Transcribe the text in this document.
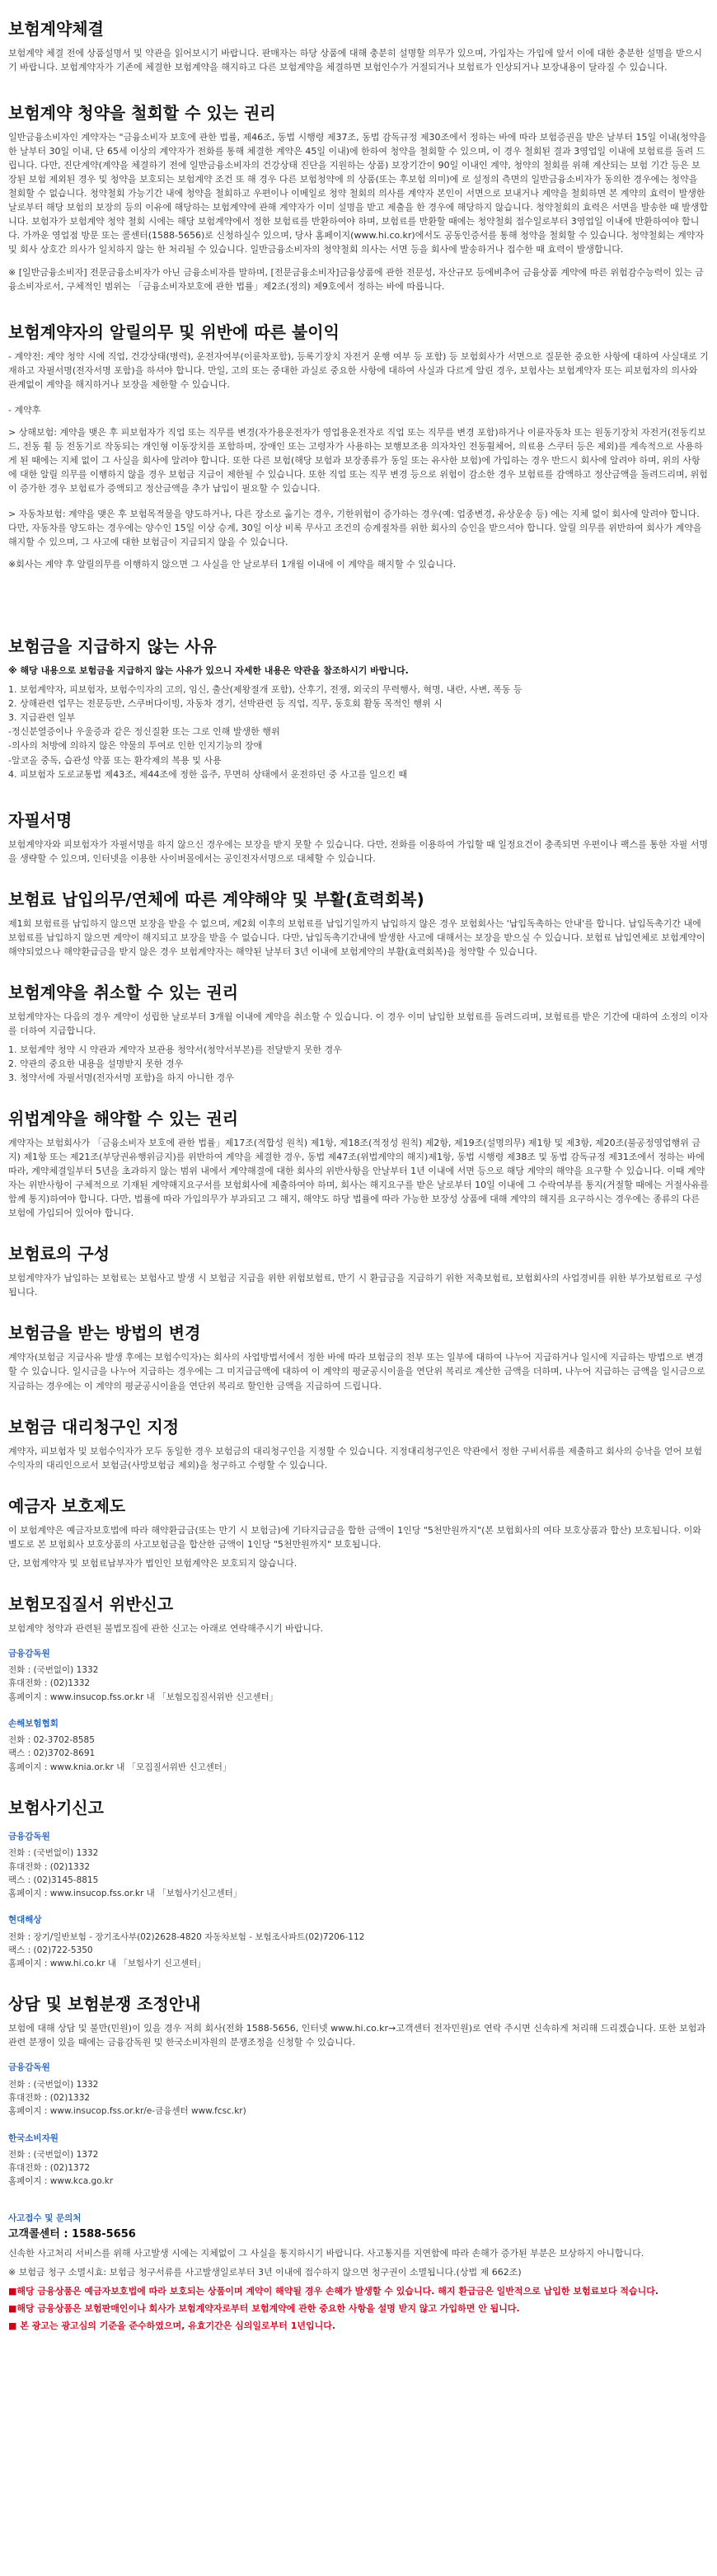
보험계약체결

보험계약 체결 전에 상품설명서 및 약관을 읽어보시기 바랍니다. 판매자는 하당 상품에 대해 충분히 설명할 의무가 있으며, 가입자는 가입에 앞서 이에 대한 충분한 설명을 받으시기 바랍니다. 보험계약자가 기존에 체결한 보험계약을 해지하고 다른 보험계약을 체결하면 보험인수가 거절되거나 보험료가 인상되거나 보장내용이 달라질 수 있습니다.

보험계약 청약을 철회할 수 있는 권리

일반금융소비자인 계약자는 "금융소비자 보호에 관한 법률, 제46조, 동법 시행령 제37조, 동법 감독규정 제30조에서 정하는 바에 따라 보험증권을 받은 날부터 15일 이내(청약을 한 날부터 30일 이내, 단 65세 이상의 계약자가 전화를 통해 체결한 계약은 45일 이내)에 한하여 청약을 철회할 수 있으며, 이 경우 철회된 결과 3영업일 이내에 보험료를 돌려 드립니다. 다만, 진단계약(계약을 체결하기 전에 일반금융소비자의 건강상태 진단을 지원하는 상품) 보장기간이 90일 이내인 계약, 청약의 철회를 위해 계산되는 보험 기간 등은 보장된 보험 제외된 경우 및 청약을 보호되는 보험계약 조건 또 해 경우 다른 보험청약에 의 상품(또는 후보험 의미)에 로 설정의 측면의 일반금융소비자가 동의한 경우에는 청약을 철회할 수 없습니다. 청약철회 가능기간 내에 청약을 철회하고 우편이나 이메일로 청약 철회의 의사를 계약자 본인이 서면으로 보내거나 계약을 철회하면 본 계약의 효력이 발생한 날로부터 해당 보험의 보장의 등의 이유에 해당하는 보험계약에 관해 계약자가 이미 설명을 받고 제출을 한 경우에 해당하지 않습니다. 청약철회의 효력은 서면을 발송한 때 발생합니다. 보험자가 보험계약 청약 철회 시에는 해당 보험계약에서 정한 보험료를 반환하여야 하며, 보험료를 반환할 때에는 청약철회 접수일로부터 3영업일 이내에 반환하여야 합니다. 가까운 영업점 방문 또는 콜센터(1588-5656)로 신청하실수 있으며, 당사 홈페이지(www.hi.co.kr)에서도 공동인증서를 통해 청약을 철회할 수 있습니다. 청약철회는 계약자 및 회사 상호간 의사가 일치하지 않는 한 처리될 수 있습니다. 일반금융소비자의 청약철회 의사는 서면 등을 회사에 발송하거나 접수한 때 효력이 발생합니다.

※ [일반금융소비자] 전문금융소비자가 아닌 금융소비자를 말하며, [전문금융소비자]금융상품에 관한 전문성, 자산규모 등에비추어 금융상품 계약에 따른 위험감수능력이 있는 금융소비자로서, 구체적인 범위는 「금융소비자보호에 관한 법률」제2조(정의) 제9호에서 정하는 바에 따릅니다.

보험계약자의 알릴의무 및 위반에 따른 불이익

- 계약전: 계약 청약 시에 직업, 건강상태(병력), 운전자여부(이륜차포함), 등록기장치 자전거 운행 여부 등 포함) 등 보험회사가 서면으로 질문한 중요한 사항에 대하여 사실대로 기재하고 자필서명(전자서명 포함)을 하셔야 합니다. 만일, 고의 또는 중대한 과실로 중요한 사항에 대하여 사실과 다르게 알린 경우, 보험사는 보험계약자 또는 피보험자의 의사와 관계없이 계약을 해지하거나 보장을 제한할 수 있습니다.

- 계약후

> 상해보험: 계약을 맺은 후 피보험자가 직업 또는 직무를 변경(자가용운전자가 영업용운전자로 직업 또는 직무를 변경 포함)하거나 이륜자동차 또는 원동기장치 자전거(전동킥보드, 전동 휠 등 전동기로 작동되는 개인형 이동장치를 포함하며, 장애인 또는 고령자가 사용하는 보행보조용 의자차인 전동휠체어, 의료용 스쿠터 등은 제외)를 계속적으로 사용하게 된 때에는 지체 없이 그 사실을 회사에 알려야 합니다. 또한 다른 보험(해당 보험과 보장종류가 동일 또는 유사한 보험)에 가입하는 경우 반드시 회사에 알려야 하며, 위의 사항에 대한 알릴 의무를 이행하지 않을 경우 보험금 지급이 제한될 수 있습니다. 또한 직업 또는 직무 변경 등으로 위험이 감소한 경우 보험료를 감액하고 정산금액을 돌려드리며, 위험이 증가한 경우 보험료가 증액되고 정산금액을 추가 납입이 필요할 수 있습니다.

> 자동차보험: 계약을 맺은 후 보험목적물을 양도하거나, 다른 장소로 옮기는 경우, 기한위험이 증가하는 경우(예: 업종변경, 유상운송 등) 에는 지체 없이 회사에 알려야 합니다. 다만, 자동차를 양도하는 경우에는 양수인 15일 이상 승계, 30일 이상 비록 무사고 조건의 승계절차를 위한 회사의 승인을 받으셔야 합니다. 알릴 의무를 위반하여 회사가 계약을 해지할 수 있으며, 그 사고에 대한 보험금이 지급되지 않을 수 있습니다.

※회사는 계약 후 알릴의무를 이행하지 않으면 그 사실을 안 날로부터 1개월 이내에 이 계약을 해지할 수 있습니다.

보험금을 지급하지 않는 사유

※ 해당 내용으로 보험금을 지급하지 않는 사유가 있으니 자세한 내용은 약관을 참조하시기 바랍니다.

1. 보험계약자, 피보험자, 보험수익자의 고의, 임신, 출산(제왕절개 포함), 산후기, 전쟁, 외국의 무력행사, 혁명, 내란, 사변, 폭동 등
2. 상해관련 업무는 전문등반, 스쿠버다이빙, 자동차 경기, 선박관련 등 직업, 직무, 동호회 활동 목적인 행위 시
3. 지급관련 일부
-정신분열증이나 우울증과 같은 정신질환 또는 그로 인해 발생한 행위
-의사의 처방에 의하지 않은 약물의 투여로 인한 인지기능의 장애
-알코올 중독, 습관성 약품 또는 환각제의 복용 및 사용
4. 피보험자 도로교통법 제43조, 제44조에 정한 음주, 무면허 상태에서 운전하던 중 사고를 일으킨 때
자필서명

보험계약자와 피보험자가 자필서명을 하지 않으신 경우에는 보장을 받지 못할 수 있습니다. 다만, 전화를 이용하여 가입할 때 일정요건이 충족되면 우편이나 팩스를 통한 자필 서명을 생략할 수 있으며, 인터넷을 이용한 사이버몰에서는 공인전자서명으로 대체할 수 있습니다.

보험료 납입의무/연체에 따른 계약해약 및 부활(효력회복)

제1회 보험료를 납입하지 않으면 보장을 받을 수 없으며, 계2회 이후의 보험료를 납입기일까지 납입하지 않은 경우 보험회사는 '납입독촉하는 안내'를 합니다. 납입독촉기간 내에 보험료를 납입하지 않으면 계약이 해지되고 보장을 받을 수 없습니다. 다만, 납입독촉기간내에 발생한 사고에 대해서는 보장을 받으실 수 있습니다. 보험료 납입연체로 보험계약이 해약되었으나 해약환급금을 받지 않은 경우 보험계약자는 해약된 날부터 3년 이내에 보험계약의 부활(효력회복)을 청약할 수 있습니다.

보험계약을 취소할 수 있는 권리

보험계약자는 다음의 경우 계약이 성립한 날로부터 3개월 이내에 계약을 취소할 수 있습니다. 이 경우 이미 납입한 보험료를 돌려드리며, 보험료를 받은 기간에 대하여 소정의 이자를 더하여 지급합니다.

1. 보험계약 청약 시 약관과 계약자 보관용 청약서(청약서부본)를 전달받지 못한 경우
2. 약관의 중요한 내용을 설명받지 못한 경우
3. 청약서에 자필서명(전자서명 포함)을 하지 아니한 경우
위법계약을 해약할 수 있는 권리

계약자는 보험회사가 「금융소비자 보호에 관한 법률」제17조(적합성 원칙) 제1항, 제18조(적정성 원칙) 제2항, 제19조(설명의무) 제1항 및 제3항, 제20조(불공정영업행위 금지) 제1항 또는 제21조(부당권유행위금지)를 위반하여 계약을 체결한 경우, 동법 제47조(위법계약의 해지)제1항, 동법 시행령 제38조 및 동법 감독규정 제31조에서 정하는 바에 따라, 계약체결일부터 5년을 초과하지 않는 범위 내에서 계약해결에 대한 회사의 위반사항을 안날부터 1년 이내에 서면 등으로 해당 계약의 해약을 요구할 수 있습니다. 이때 계약자는 위반사항이 구체적으로 기재된 계약해지요구서를 보험회사에 제출하여야 하며, 회사는 해지요구를 받은 날로부터 10일 이내에 그 수락여부를 통지(거절할 때에는 거절사유를 함께 통지)하여야 합니다. 다만, 법률에 따라 가입의무가 부과되고 그 해지, 해약도 하당 법률에 따라 가능한 보장성 상품에 대해 계약의 해지를 요구하시는 경우에는 종류의 다른 보험에 가입되어 있어야 합니다.

보험료의 구성

보험계약자가 납입하는 보험료는 보험사고 발생 시 보험금 지급을 위한 위험보험료, 만기 시 환급금을 지급하기 위한 저축보험료, 보험회사의 사업경비를 위한 부가보험료로 구성됩니다.

보험금을 받는 방법의 변경

계약자(보험금 지급사유 발생 후에는 보험수익자)는 회사의 사업방법서에서 정한 바에 따라 보험금의 전부 또는 일부에 대하여 나누어 지급하거나 일시에 지급하는 방법으로 변경 할 수 있습니다. 일시금을 나누어 지급하는 경우에는 그 미지급금액에 대하여 이 계약의 평균공시이율을 연단위 복리로 계산한 금액을 더하며, 나누어 지급하는 금액을 일시금으로 지급하는 경우에는 이 계약의 평균공시이율을 연단위 복리로 할인한 금액을 지급하여 드립니다.

보험금 대리청구인 지정

계약자, 피보험자 및 보험수익자가 모두 동일한 경우 보험금의 대리청구인을 지정할 수 있습니다. 지정대리청구인은 약관에서 정한 구비서류를 제출하고 회사의 승낙을 얻어 보험수익자의 대리인으로서 보험금(사망보험금 제외)을 청구하고 수령할 수 있습니다.

예금자 보호제도

이 보험계약은 예금자보호법에 따라 해약환급금(또는 만기 시 보험금)에 기타지급금을 합한 금액이 1인당 "5천만원까지"(본 보험회사의 여타 보호상품과 합산) 보호됩니다. 이와 별도로 본 보험회사 보호상품의 사고보험금을 합산한 금액이 1인당 "5천만원까지" 보호됩니다.

단, 보험계약자 및 보험료납부자가 법인인 보험계약은 보호되지 않습니다.

보험모집질서 위반신고

보험계약 청약과 관련된 불법모집에 관한 신고는 아래로 연락해주시기 바랍니다.

금융감독원

전화 : (국번없이) 1332

휴대전화 : (02)1332

홈페이지 : www.insucop.fss.or.kr 내 「보험모집질서위반 신고센터」

손해보험협회

전화 : 02-3702-8585

팩스 : 02)3702-8691

홈페이지 : www.knia.or.kr 내 「모집질서위반 신고센터」

보험사기신고

금융감독원

전화 : (국번없이) 1332

휴대전화 : (02)1332

팩스 : (02)3145-8815

홈페이지 : www.insucop.fss.or.kr 내 「보험사기신고센터」

현대해상

전화 : 장기/일반보험 - 장기조사부(02)2628-4820 자동차보험 - 보험조사파트(02)7206-112

팩스 : (02)722-5350

홈페이지 : www.hi.co.kr 내 「보험사기 신고센터」

상담 및 보험분쟁 조정안내

보험에 대해 상담 및 불만(민원)이 있을 경우 저희 회사(전화 1588-5656, 인터넷 www.hi.co.kr→고객센터 전자민원)로 연락 주시면 신속하게 처리해 드리겠습니다. 또한 보험과 관련 분쟁이 있을 때에는 금융감독원 및 한국소비자원의 분쟁조정을 신청할 수 있습니다.

금융감독원

전화 : (국번없이) 1332

휴대전화 : (02)1332

홈페이지 : www.insucop.fss.or.kr/e-금융센터 www.fcsc.kr)

한국소비자원

전화 : (국번없이) 1372

휴대전화 : (02)1372

홈페이지 : www.kca.go.kr

사고접수 및 문의처

고객콜센터 : 1588-5656

신속한 사고처리 서비스를 위해 사고발생 시에는 지체없이 그 사실을 통지하시기 바랍니다. 사고통지를 지연함에 따라 손해가 증가된 부분은 보상하지 아니합니다.

※ 보험금 청구 소멸시효: 보험금 청구서류를 사고발생일로부터 3년 이내에 접수하지 않으면 청구권이 소멸됩니다.(상법 제 662조)

■해당 금융상품은 예금자보호법에 따라 보호되는 상품이며 계약이 해약될 경우 손해가 발생할 수 있습니다. 해지 환급금은 일반적으로 납입한 보험료보다 적습니다.

■해당 금융상품은 보험판매인이나 회사가 보험계약자로부터 보험계약에 관한 중요한 사항을 설명 받지 않고 가입하면 안 됩니다.

■ 본 광고는 광고심의 기준을 준수하였으며, 유효기간은 심의일로부터 1년입니다.
